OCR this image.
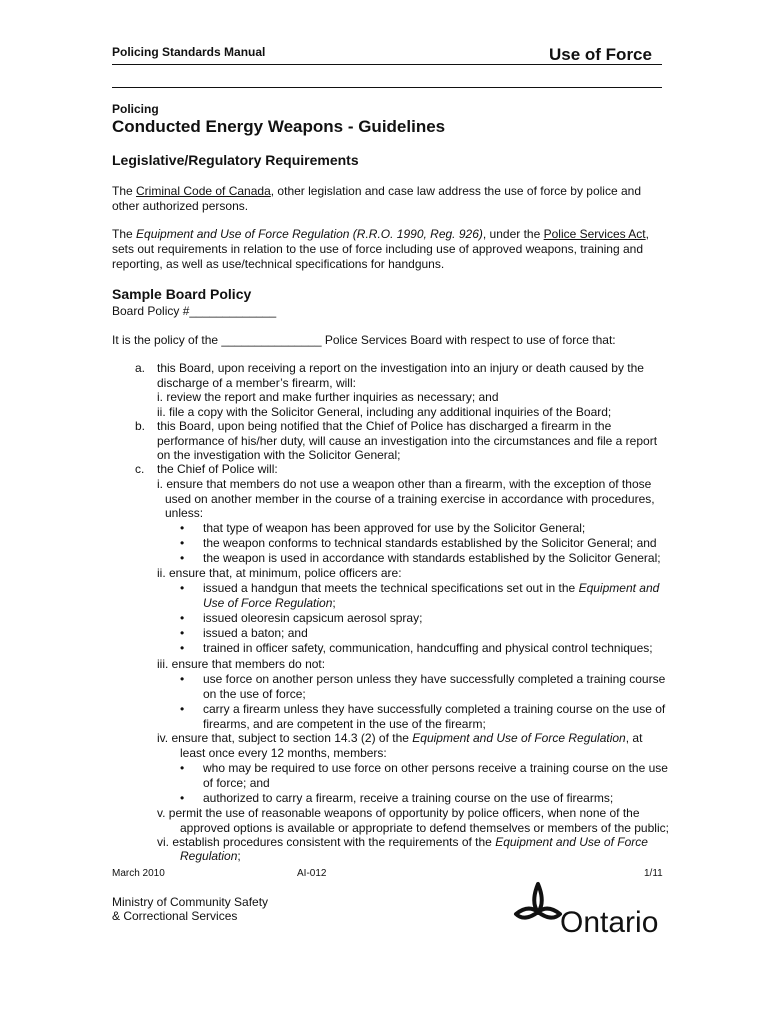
Policing Standards Manual	Use of Force
Policing
Conducted Energy Weapons - Guidelines
Legislative/Regulatory Requirements
The Criminal Code of Canada, other legislation and case law address the use of force by police and
other authorized persons.
The Equipment and Use of Force Regulation (R.R.O. 1990, Reg. 926), under the Police Services Act,
sets out requirements in relation to the use of force including use of approved weapons, training and
reporting, as well as use/technical specifications for handguns.
Sample Board Policy
Board Policy #_____________
It is the policy of the _______________ Police Services Board with respect to use of force that:
a. this Board, upon receiving a report on the investigation into an injury or death caused by the
discharge of a member’s firearm, will:
i. review the report and make further inquiries as necessary; and
ii. file a copy with the Solicitor General, including any additional inquiries of the Board;
b. this Board, upon being notified that the Chief of Police has discharged a firearm in the
performance of his/her duty, will cause an investigation into the circumstances and file a report
on the investigation with the Solicitor General;
c. the Chief of Police will:
i. ensure that members do not use a weapon other than a firearm, with the exception of those
used on another member in the course of a training exercise in accordance with procedures,
unless:
• that type of weapon has been approved for use by the Solicitor General;
• the weapon conforms to technical standards established by the Solicitor General; and
• the weapon is used in accordance with standards established by the Solicitor General;
ii. ensure that, at minimum, police officers are:
• issued a handgun that meets the technical specifications set out in the Equipment and
Use of Force Regulation;
• issued oleoresin capsicum aerosol spray;
• issued a baton; and
• trained in officer safety, communication, handcuffing and physical control techniques;
iii. ensure that members do not:
• use force on another person unless they have successfully completed a training course
on the use of force;
• carry a firearm unless they have successfully completed a training course on the use of
firearms, and are competent in the use of the firearm;
iv. ensure that, subject to section 14.3 (2) of the Equipment and Use of Force Regulation, at
least once every 12 months, members:
• who may be required to use force on other persons receive a training course on the use
of force; and
• authorized to carry a firearm, receive a training course on the use of firearms;
v. permit the use of reasonable weapons of opportunity by police officers, when none of the
approved options is available or appropriate to defend themselves or members of the public;
vi. establish procedures consistent with the requirements of the Equipment and Use of Force
Regulation;
March 2010	AI-012	1/11
Ministry of Community Safety
& Correctional Services	Ontario
